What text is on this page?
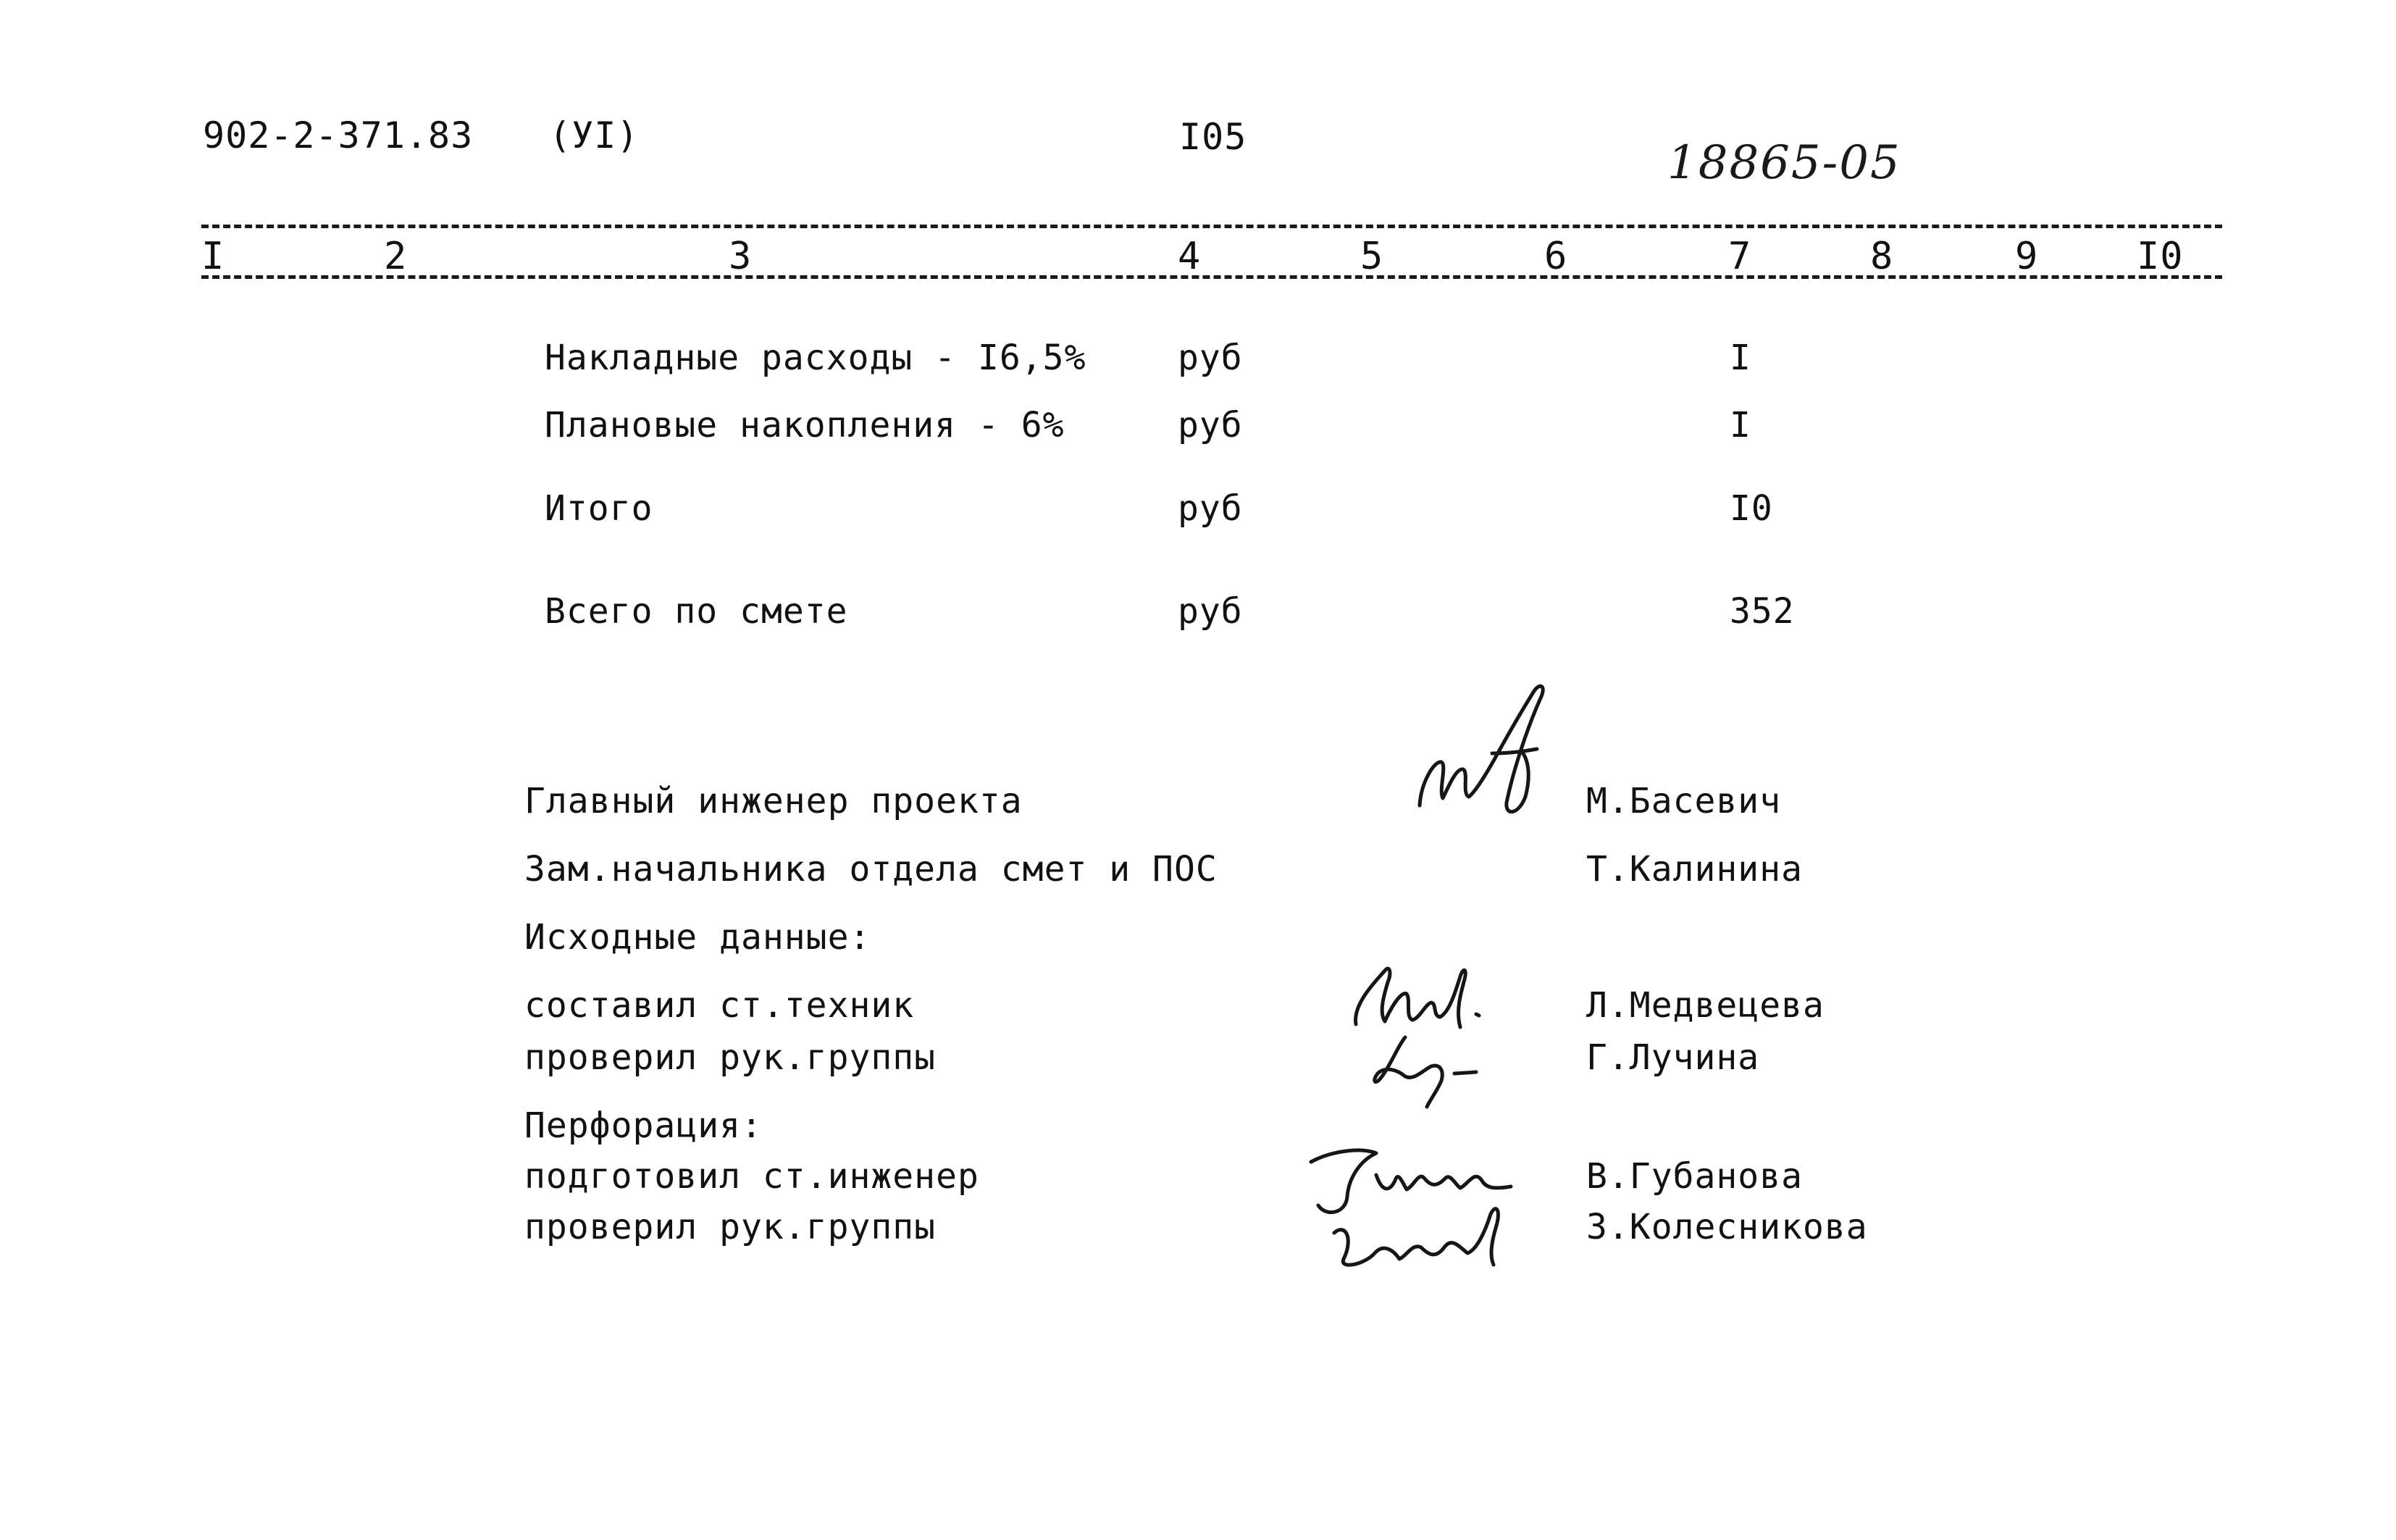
902-2-371.83 (УI)	I05	18865-05
I	2	3	4	5	6	7	8	9	I0
Накладные расходы - I6,5%	руб	I
Плановые накопления - 6%	руб	I
Итого	руб	I0
Всего по смете	руб	352
Главный инженер проекта	М.Басевич
Зам.начальника отдела смет и ПОС	Т.Калинина
Исходные данные:
составил ст.техник	Л.Медвецева
проверил рук.группы	Г.Лучина
Перфорация:
подготовил ст.инженер	В.Губанова
проверил рук.группы	З.Колесникова
Губанова	Колесник
